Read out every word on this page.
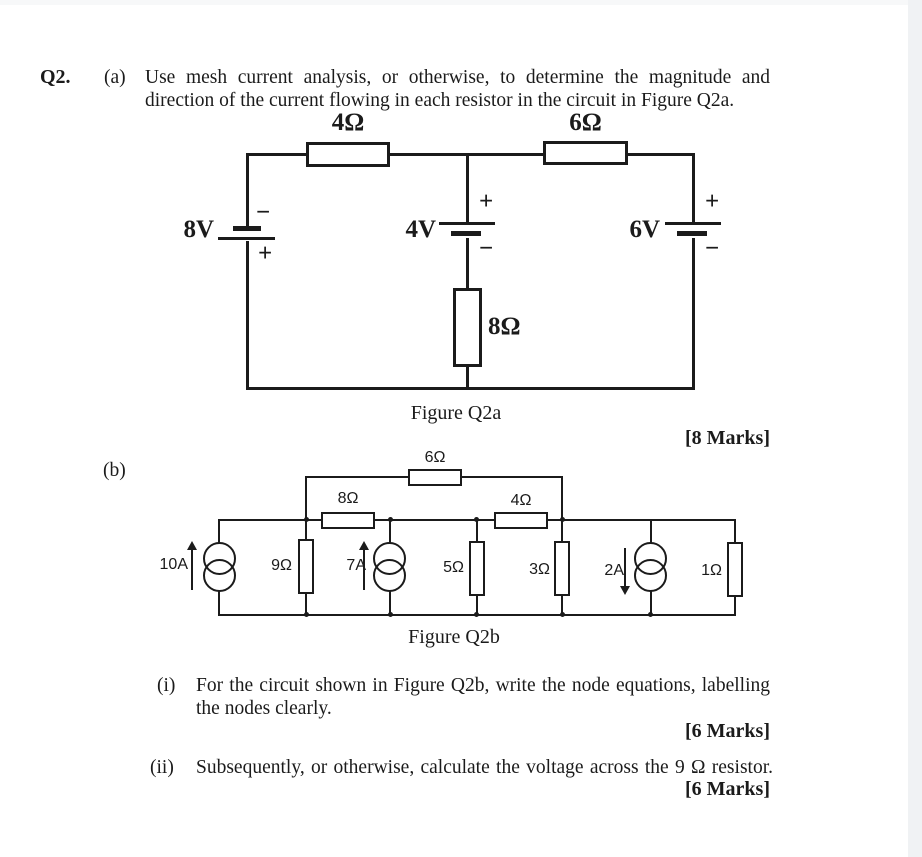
Q2. (a) Use mesh current analysis, or otherwise, to determine the magnitude and
direction of the current flowing in each resistor in the circuit in Figure Q2a.
8V
−
+
4V
+
−
8Ω
6V
+
−
4Ω	6Ω
Figure Q2a
[8 Marks]
(b)
6Ω
8Ω	4Ω
10A	9Ω	7A	5Ω	3Ω	2A	1Ω
Figure Q2b
(i) For the circuit shown in Figure Q2b, write the node equations, labelling
the nodes clearly.
[6 Marks]
(ii) Subsequently, or otherwise, calculate the voltage across the 9 Ω resistor.
[6 Marks]
